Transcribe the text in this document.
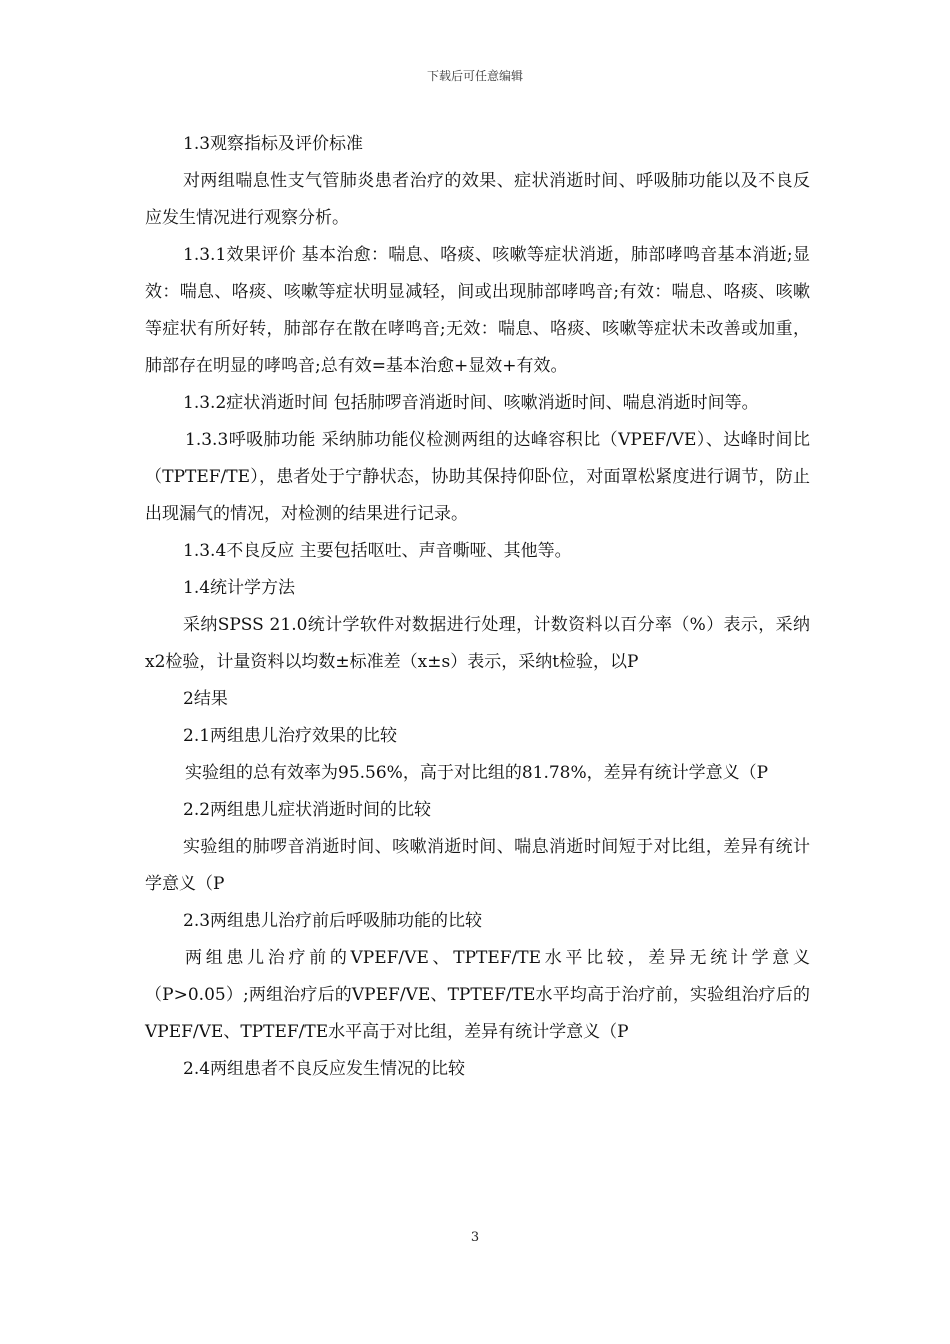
下载后可任意编辑

1.3观察指标及评价标准

对两组喘息性支气管肺炎患者治疗的效果、症状消逝时间、呼吸肺功能以及不良反应发生情况进行观察分析。

1.3.1效果评价 基本治愈：喘息、咯痰、咳嗽等症状消逝，肺部哮鸣音基本消逝;显效：喘息、咯痰、咳嗽等症状明显减轻，间或出现肺部哮鸣音;有效：喘息、咯痰、咳嗽等症状有所好转，肺部存在散在哮鸣音;无效：喘息、咯痰、咳嗽等症状未改善或加重，肺部存在明显的哮鸣音;总有效=基本治愈+显效+有效。

1.3.2症状消逝时间 包括肺啰音消逝时间、咳嗽消逝时间、喘息消逝时间等。

1.3.3呼吸肺功能 采纳肺功能仪检测两组的达峰容积比（VPEF/VE）、达峰时间比（TPTEF/TE），患者处于宁静状态，协助其保持仰卧位，对面罩松紧度进行调节，防止出现漏气的情况，对检测的结果进行记录。

1.3.4不良反应 主要包括呕吐、声音嘶哑、其他等。

1.4统计学方法

采纳SPSS 21.0统计学软件对数据进行处理，计数资料以百分率（%）表示，采纳 x2检验，计量资料以均数±标准差（x±s）表示，采纳t检验，以P

2结果

2.1两组患儿治疗效果的比较

实验组的总有效率为95.56%，高于对比组的81.78%，差异有统计学意义（P

2.2两组患儿症状消逝时间的比较

实验组的肺啰音消逝时间、咳嗽消逝时间、喘息消逝时间短于对比组，差异有统计学意义（P

2.3两组患儿治疗前后呼吸肺功能的比较

两组患儿治疗前的VPEF/VE、TPTEF/TE水平比较，差异无统计学意义（P>0.05）;两组治疗后的VPEF/VE、TPTEF/TE水平均高于治疗前，实验组治疗后的VPEF/VE、TPTEF/TE水平高于对比组，差异有统计学意义（P

2.4两组患者不良反应发生情况的比较

3
